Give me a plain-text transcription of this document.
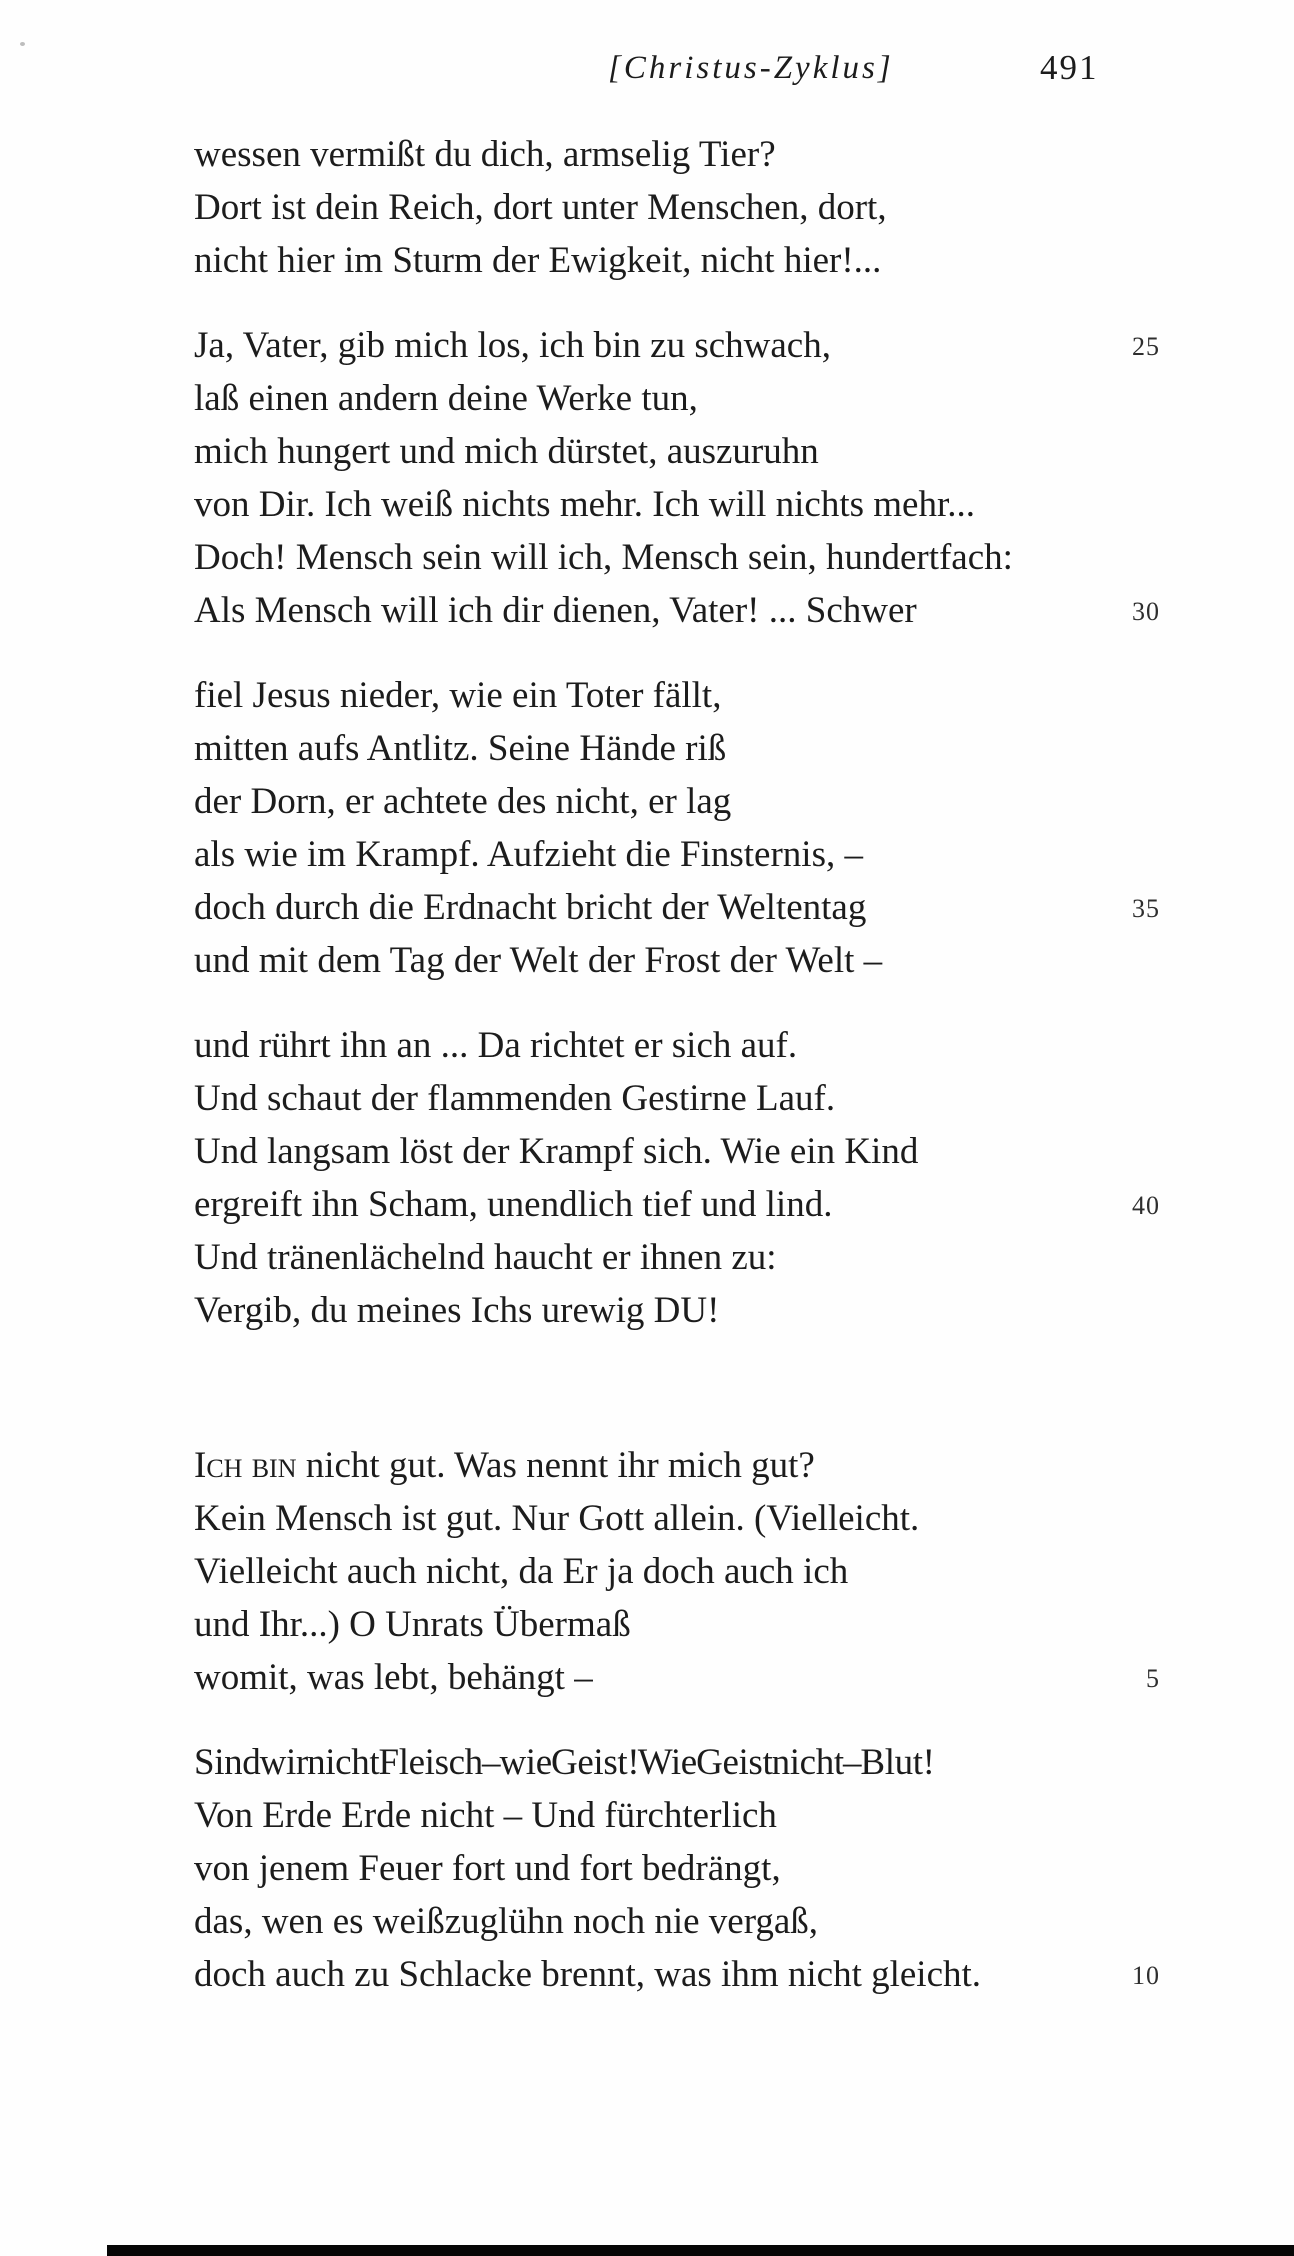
[Christus-Zyklus]	491
wessen vermißt du dich, armselig Tier?
Dort ist dein Reich, dort unter Menschen, dort,
nicht hier im Sturm der Ewigkeit, nicht hier!...
Ja, Vater, gib mich los, ich bin zu schwach,	25
laß einen andern deine Werke tun,
mich hungert und mich dürstet, auszuruhn
von Dir. Ich weiß nichts mehr. Ich will nichts mehr...
Doch! Mensch sein will ich, Mensch sein, hundertfach:
Als Mensch will ich dir dienen, Vater! ... Schwer	30
fiel Jesus nieder, wie ein Toter fällt,
mitten aufs Antlitz. Seine Hände riß
der Dorn, er achtete des nicht, er lag
als wie im Krampf. Aufzieht die Finsternis, –
doch durch die Erdnacht bricht der Weltentag	35
und mit dem Tag der Welt der Frost der Welt –
und rührt ihn an ... Da richtet er sich auf.
Und schaut der flammenden Gestirne Lauf.
Und langsam löst der Krampf sich. Wie ein Kind
ergreift ihn Scham, unendlich tief und lind.	40
Und tränenlächelnd haucht er ihnen zu:
Vergib, du meines Ichs urewig DU!
Ich bin nicht gut. Was nennt ihr mich gut?
Kein Mensch ist gut. Nur Gott allein. (Vielleicht.
Vielleicht auch nicht, da Er ja doch auch ich
und Ihr...) O Unrats Übermaß
womit, was lebt, behängt –	5
Sind wir nicht Fleisch – wie Geist! Wie Geist nicht – Blut!
Von Erde Erde nicht – Und fürchterlich
von jenem Feuer fort und fort bedrängt,
das, wen es weißzuglühn noch nie vergaß,
doch auch zu Schlacke brennt, was ihm nicht gleicht.	10
